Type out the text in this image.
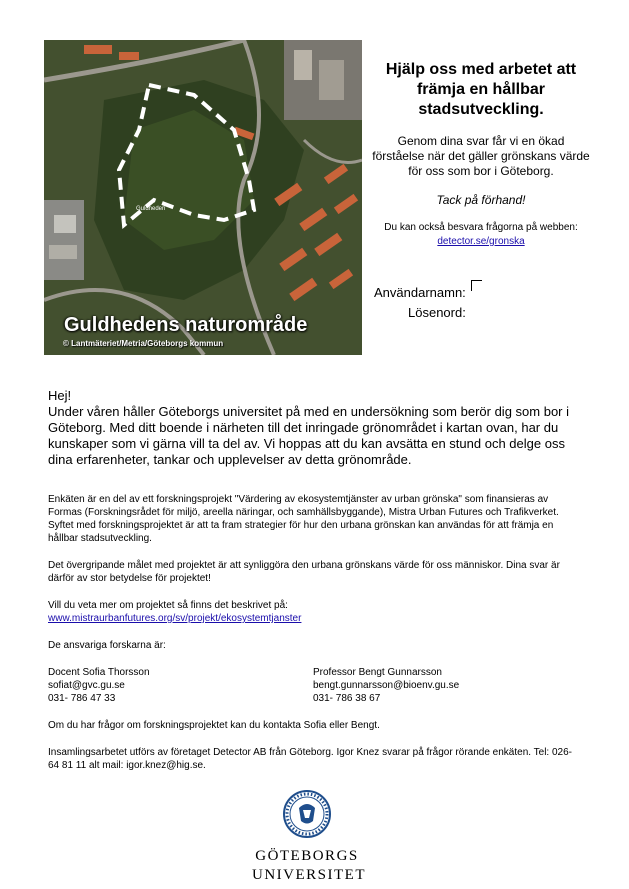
Guldheden
Guldhedens naturområde
© Lantmäteriet/Metria/Göteborgs kommun

Hjälp oss med arbetet att främja en hållbar stadsutveckling.

Genom dina svar får vi en ökad förståelse när det gäller grönskans värde för oss som bor i Göteborg.

Tack på förhand!

Du kan också besvara frågorna på webben: detector.se/gronska

Användarnamn:
Lösenord:

Hej!

Under våren håller Göteborgs universitet på med en undersökning som berör dig som bor i Göteborg. Med ditt boende i närheten till det inringade grönområdet i kartan ovan, har du kunskaper som vi gärna vill ta del av. Vi hoppas att du kan avsätta en stund och delge oss dina erfarenheter, tankar och upplevelser av detta grönområde.

Enkäten är en del av ett forskningsprojekt "Värdering av ekosystemtjänster av urban grönska" som finansieras av Formas (Forskningsrådet för miljö, areella näringar, och samhällsbyggande), Mistra Urban Futures och Trafikverket. Syftet med forskningsprojektet är att ta fram strategier för hur den urbana grönskan kan användas för att främja en hållbar stadsutveckling.

Det övergripande målet med projektet är att synliggöra den urbana grönskans värde för oss människor. Dina svar är därför av stor betydelse för projektet!

Vill du veta mer om projektet så finns det beskrivet på:
www.mistraurbanfutures.org/sv/projekt/ekosystemtjanster

De ansvariga forskarna är:

Docent Sofia Thorsson
sofiat@gvc.gu.se
031- 786 47 33
Professor Bengt Gunnarsson
bengt.gunnarsson@bioenv.gu.se
031- 786 38 67

Om du har frågor om forskningsprojektet kan du kontakta Sofia eller Bengt.

Insamlingsarbetet utförs av företaget Detector AB från Göteborg. Igor Knez svarar på frågor rörande enkäten. Tel: 026-64 81 11 alt mail: igor.knez@hig.se.

GÖTEBORGS
UNIVERSITET
